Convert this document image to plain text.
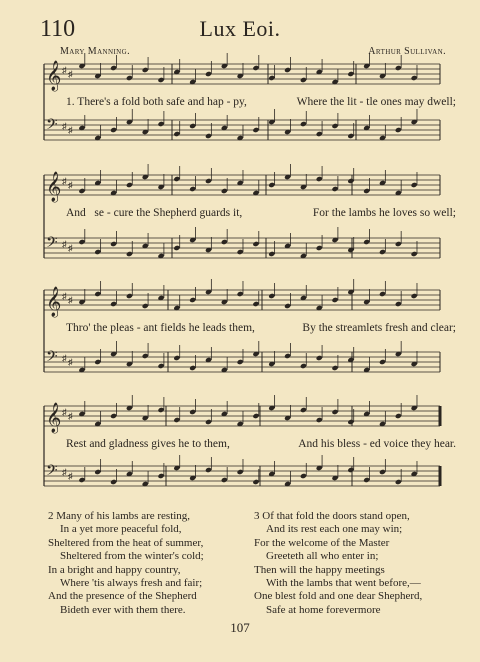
110	Lux Eoi.
Mary Manning.	Arthur Sullivan.
𝄞 ♯ ♯
𝄢 ♯ ♯
𝄞 ♯ ♯
𝄢 ♯ ♯
𝄞 ♯ ♯
𝄢 ♯ ♯
𝄞 ♯ ♯
𝄢 ♯ ♯
1. There's a fold both safe and hap - py,	Where the lit - tle ones may dwell;
And   se - cure the Shepherd guards it,	For the lambs he loves so well;
Thro' the pleas - ant fields he leads them,	By the streamlets fresh and clear;
Rest and gladness gives he to them,	And his bless - ed voice they hear.
2 Many of his lambs are resting,
In a yet more peaceful fold,
Sheltered from the heat of summer,
Sheltered from the winter's cold;
In a bright and happy country,
Where 'tis always fresh and fair;
And the presence of the Shepherd
Bideth ever with them there.
3 Of that fold the doors stand open,
And its rest each one may win;
For the welcome of the Master
Greeteth all who enter in;
Then will the happy meetings
With the lambs that went before,—
One blest fold and one dear Shepherd,
Safe at home forevermore
107
